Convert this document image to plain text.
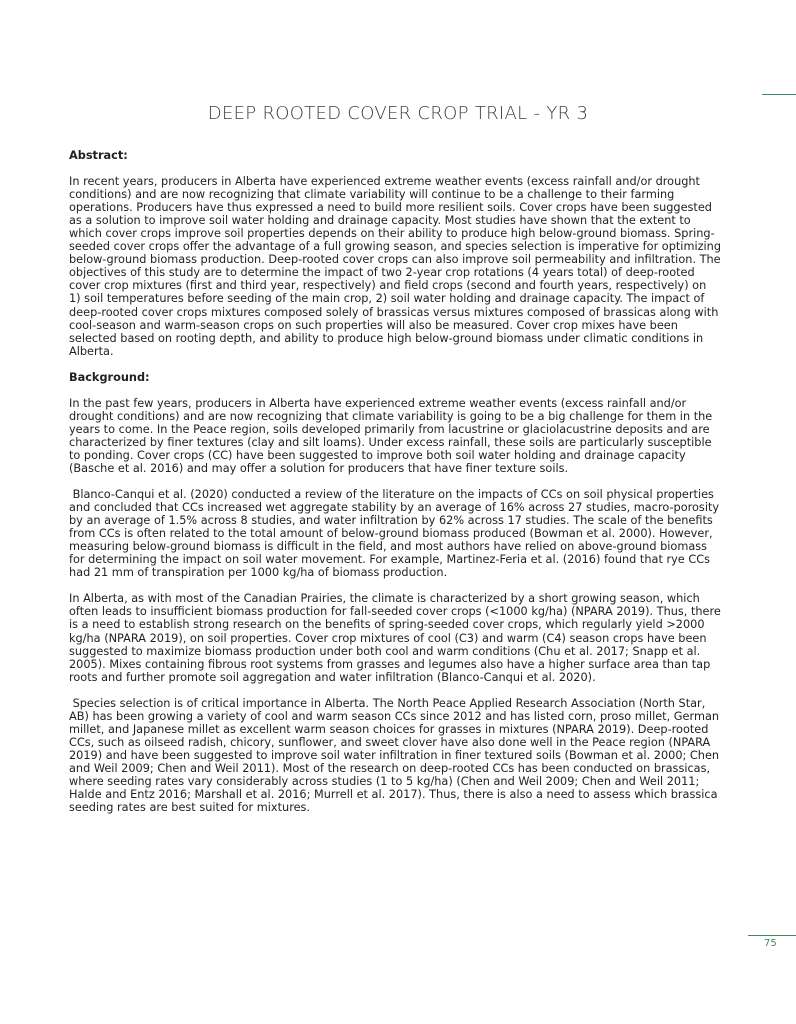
DEEP ROOTED COVER CROP TRIAL - YR 3

Abstract:

In recent years, producers in Alberta have experienced extreme weather events (excess rainfall and/or drought conditions) and are now recognizing that climate variability will continue to be a challenge to their farming operations. Producers have thus expressed a need to build more resilient soils. Cover crops have been suggested as a solution to improve soil water holding and drainage capacity. Most studies have shown that the extent to which cover crops improve soil properties depends on their ability to produce high below-ground biomass. Spring-seeded cover crops offer the advantage of a full growing season, and species selection is imperative for optimizing below-ground biomass production. Deep-rooted cover crops can also improve soil permeability and infiltration. The objectives of this study are to determine the impact of two 2-year crop rotations (4 years total) of deep-rooted cover crop mixtures (first and third year, respectively) and field crops (second and fourth years, respectively) on 1) soil temperatures before seeding of the main crop, 2) soil water holding and drainage capacity. The impact of deep-rooted cover crops mixtures composed solely of brassicas versus mixtures composed of brassicas along with cool-season and warm-season crops on such properties will also be measured. Cover crop mixes have been selected based on rooting depth, and ability to produce high below-ground biomass under climatic conditions in Alberta.

Background:

In the past few years, producers in Alberta have experienced extreme weather events (excess rainfall and/or drought conditions) and are now recognizing that climate variability is going to be a big challenge for them in the years to come. In the Peace region, soils developed primarily from lacustrine or glaciolacustrine deposits and are characterized by finer textures (clay and silt loams). Under excess rainfall, these soils are particularly susceptible to ponding. Cover crops (CC) have been suggested to improve both soil water holding and drainage capacity (Basche et al. 2016) and may offer a solution for producers that have finer texture soils.

Blanco-Canqui et al. (2020) conducted a review of the literature on the impacts of CCs on soil physical properties and concluded that CCs increased wet aggregate stability by an average of 16% across 27 studies, macro-porosity by an average of 1.5% across 8 studies, and water infiltration by 62% across 17 studies. The scale of the benefits from CCs is often related to the total amount of below-ground biomass produced (Bowman et al. 2000). However, measuring below-ground biomass is difficult in the field, and most authors have relied on above-ground biomass for determining the impact on soil water movement. For example, Martinez-Feria et al. (2016) found that rye CCs had 21 mm of transpiration per 1000 kg/ha of biomass production.

In Alberta, as with most of the Canadian Prairies, the climate is characterized by a short growing season, which often leads to insufficient biomass production for fall-seeded cover crops (<1000 kg/ha) (NPARA 2019). Thus, there is a need to establish strong research on the benefits of spring-seeded cover crops, which regularly yield >2000 kg/ha (NPARA 2019), on soil properties. Cover crop mixtures of cool (C3) and warm (C4) season crops have been suggested to maximize biomass production under both cool and warm conditions (Chu et al. 2017; Snapp et al. 2005). Mixes containing fibrous root systems from grasses and legumes also have a higher surface area than tap roots and further promote soil aggregation and water infiltration (Blanco-Canqui et al. 2020).

Species selection is of critical importance in Alberta. The North Peace Applied Research Association (North Star, AB) has been growing a variety of cool and warm season CCs since 2012 and has listed corn, proso millet, German millet, and Japanese millet as excellent warm season choices for grasses in mixtures (NPARA 2019). Deep-rooted CCs, such as oilseed radish, chicory, sunflower, and sweet clover have also done well in the Peace region (NPARA 2019) and have been suggested to improve soil water infiltration in finer textured soils (Bowman et al. 2000; Chen and Weil 2009; Chen and Weil 2011). Most of the research on deep-rooted CCs has been conducted on brassicas, where seeding rates vary considerably across studies (1 to 5 kg/ha) (Chen and Weil 2009; Chen and Weil 2011; Halde and Entz 2016; Marshall et al. 2016; Murrell et al. 2017). Thus, there is also a need to assess which brassica seeding rates are best suited for mixtures.

75
